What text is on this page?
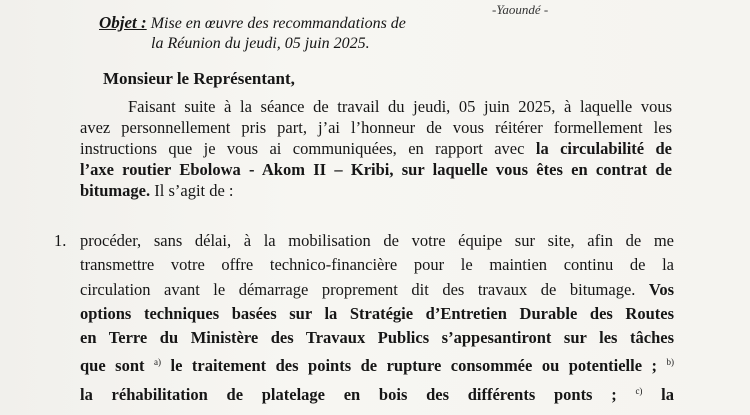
-Yaoundé -
Objet : Mise en œuvre des recommandations de
la Réunion du jeudi, 05 juin 2025.
Monsieur le Représentant,
Faisant suite à la séance de travail du jeudi, 05 juin 2025, à laquelle vous
avez personnellement pris part, j’ai l’honneur de vous réitérer formellement les
instructions que je vous ai communiquées, en rapport avec la circulabilité de
l’axe routier Ebolowa - Akom II – Kribi, sur laquelle vous êtes en contrat de
bitumage. Il s’agit de :
1. procéder, sans délai, à la mobilisation de votre équipe sur site, afin de me
transmettre votre offre technico-financière pour le maintien continu de la
circulation avant le démarrage proprement dit des travaux de bitumage. Vos
options techniques basées sur la Stratégie d’Entretien Durable des Routes
en Terre du Ministère des Travaux Publics s’appesantiront sur les tâches
que sont $^{a)}$ le traitement des points de rupture consommée ou potentielle ; $^{b)}$
la réhabilitation de platelage en bois des différents ponts ; $^{c)}$ la
